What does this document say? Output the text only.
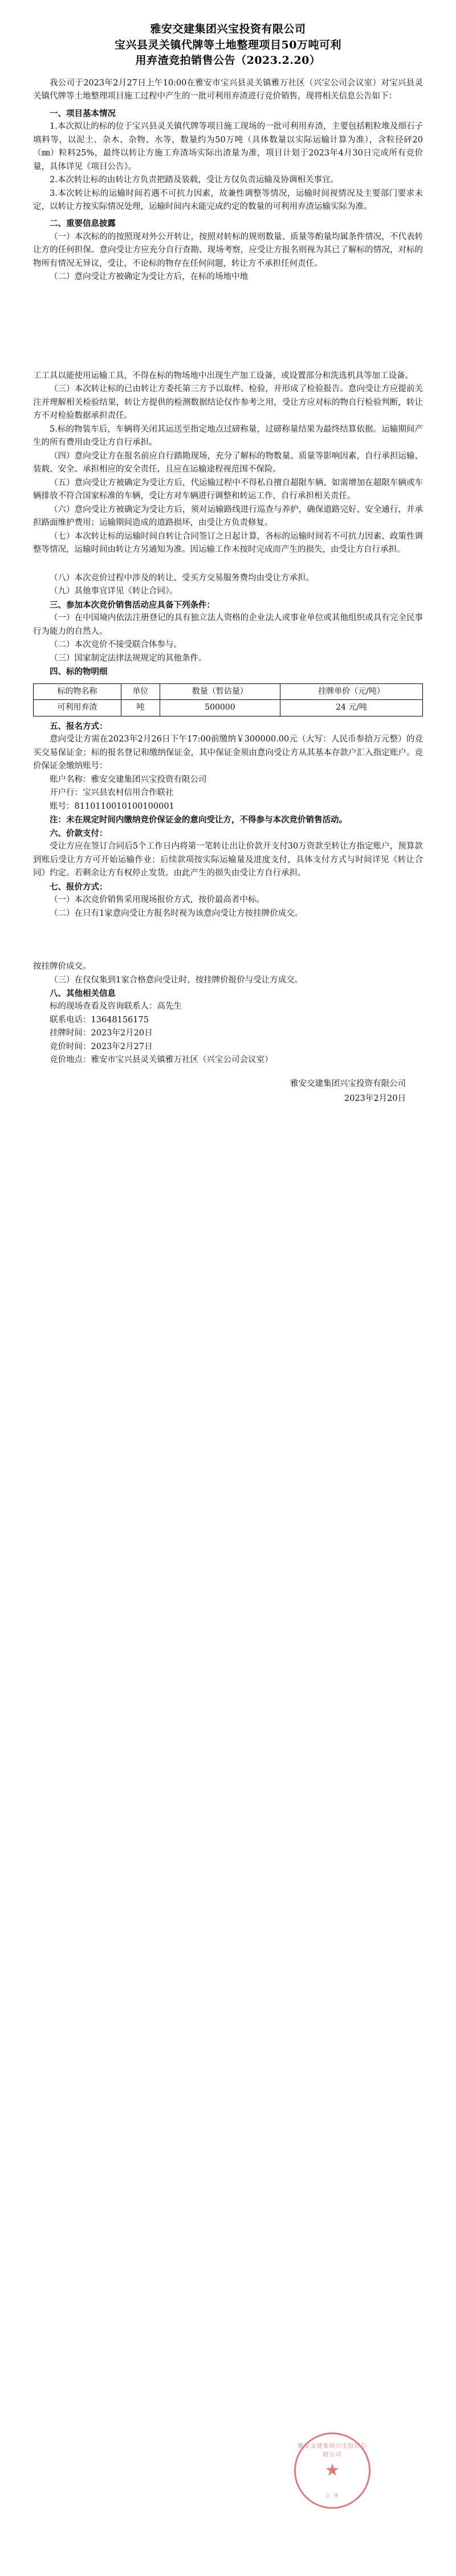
雅安交建集团兴宝投资有限公司

宝兴县灵关镇代牌等土地整理项目50万吨可利
用弃渣竞拍销售公告（2023.2.20）

我公司于2023年2月27日上午10:00在雅安市宝兴县灵关镇雅万社区（兴宝公司会议室）对宝兴县灵关镇代牌等土地整理项目施工过程中产生的一批可利用弃渣进行竞价销售，现将相关信息公告如下：

一、项目基本情况

1.本次拟让的标的位于宝兴县灵关镇代牌等项目施工现场的一批可利用弃渣，主要包括粗粒堆及细石子填料等，以泥土、杂木、杂物、水等，数量约为50万吨（具体数量以实际运输计算为准），含粒径砰20（㎜）粒料25%，最终以转让方施工弃渣场实际出渣量为准，项目计划于2023年4月30日完成所有竞价量，具体详见《项目公告》。

2.本次转让标的由转让方负责把踏及装载，受让方仅负责运输及协调相关事宜。

3.本次转让标的运输时间若遇不可抗力因素，故兼性调整等情况，运输时间视情况及主要部门要求未定，以转让方按实际情况处理，运输时间内未能完成约定的数量的可利用弃渣运输实际为准。

二、重要信息披露

（一）本次标的的按照现对外公开转让，按照对转标的规则数量、质量等酌量均属条件情况，不代表转让方的任何担保。意向受让方应充分自行查勘、现场考察，应受让方报名则视为其已了解标的情况，对标的物所有情况无异议，受让，不论标的物存在任何问题，转让方不承担任何责任。

（二）意向受让方被确定为受让方后，在标的场地中地

工工具以能使用运输工具，不得在标的物场地中出现生产加工设备，或设置部分和洗选机具等加工设备。

（三）本次转让标的已由转让方委托第三方予以取样、检验，并形成了检验报告。意向受让方应提前关注并理解相关检验结果，转让方提供的检测数据结论仅作参考之用，受让方应对标的物自行检验判断，转让方不对检验数据承担责任。

5.标的物装车后，车辆将关闭其运送至指定地点过磅称量，过磅称量结果为最终结算依据。运输期间产生的所有费用由受让方自行承担。

（四）意向受让方在报名前应自行踏勘现场，充分了解标的物数量、质量等影响因素，自行承担运输、装载、安全、承担相应的安全责任，且应在运输途程视范围不保险。

（五）意向受让方被确定为受让方后，代运输过程中不得私自擅自超限车辆、如需增加在超限车辆或车辆排放不符合国家标准的车辆，受让方对车辆进行调整和转运工作，自行承担相关责任。

（六）意向受让方被确定为受让方后，须对运输路线进行巡查与养护，确保道路完好、安全通行，并承担路面维护费用；运输期间造成的道路损坏，由受让方负责修复。

（七）本次转让标的运输时间自转让合同签订之日起计算，各标的运输时间若不可抗力因素、政策性调整等情况，运输时间由转让方另通知为准。因运输工作未按时完成而产生的损失，由受让方自行承担。

（八）本次竞价过程中涉及的转让、受买方交易服务费均由受让方承担。

（九）其他事宜详见《转让合同》。

三、参加本次竞价销售活动应具备下列条件：

（一）在中国境内依法注册登记的具有独立法人资格的企业法人或事业单位或其他组织或具有完全民事行为能力的自然人。

（二）本次竞价不接受联合体参与。

（三）国家制定法律法规规定的其他条件。

四、标的物明细

标的物名称	单位	数量（暂估量）	挂牌单价（元/吨）
可利用弃渣	吨	500000	24 元/吨

五、报名方式：

意向受让方需在2023年2月26日下午17:00前缴纳￥300000.00元（大写：人民币参拾万元整）的竞买交易保证金；标的报名登记和缴纳保证金，其中保证金须由意向受让方从其基本存款户汇入指定账户。竞价保证金缴纳账号：

账户名称：雅安交建集团兴宝投资有限公司

开户行：宝兴县农村信用合作联社

账号：8110110010100100001

注：未在规定时间内缴纳竞价保证金的意向受让方，不得参与本次竞价销售活动。

六、价款支付：

受让方应在签订合同后5个工作日内将第一笔转让出让价款开支付30万资款至转让方指定账户，预算款到账后受让方方可开始运输作业；后续款项按实际运输量及进度支付，具体支付方式与时间详见《转让合同》约定。若剩余让方有权停止发货。由此产生的损失由受让方自行承担。

七、报价方式：

（一）本次竞价销售采用现场报价方式，按价最高者中标。

（二）在只有1家意向受让方报名时视为该意向受让方按挂牌价成交。

按挂牌价成交。

（三）在仅仅集到1家合格意向受让时，按挂牌价报价与受让方成交。

八、其他相关信息

标的现场查看及咨询联系人：高先生

联系电话：13648156175

挂牌时间：2023年2月20日

竞价时间：2023年2月27日

竞价地点：雅安市宝兴县灵关镇雅万社区（兴宝公司会议室）

雅安交建集团兴宝投资有限公司
2023年2月20日
雅安交建集团兴宝投资有限公司
★
公 章
